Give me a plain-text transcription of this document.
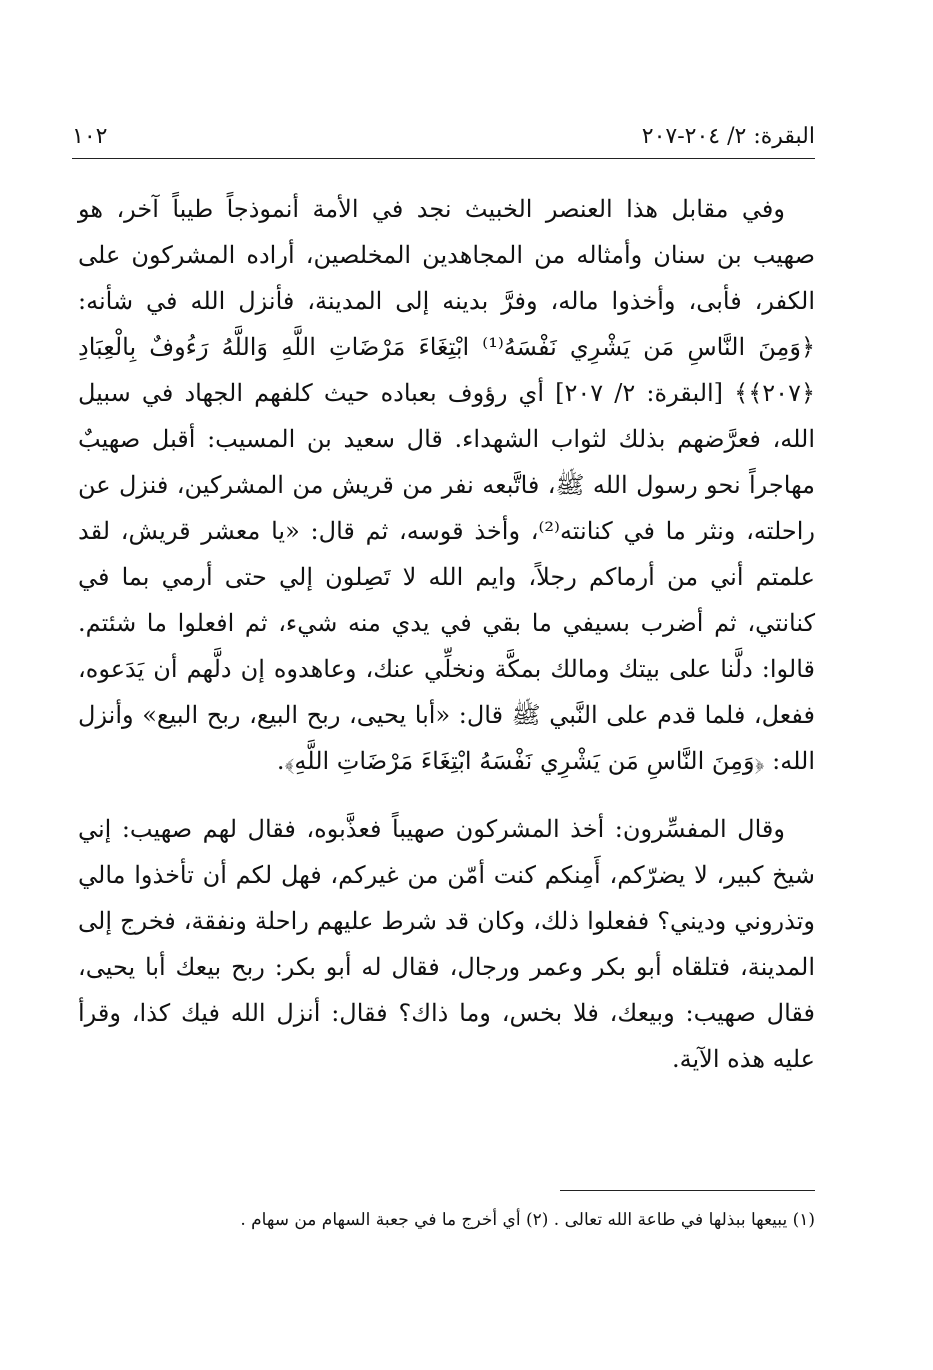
البقرة: ٢/ ٢٠٤-٢٠٧
١٠٢

وفي مقابل هذا العنصر الخبيث نجد في الأمة أنموذجاً طيباً آخر، هو صهيب بن سنان وأمثاله من المجاهدين المخلصين، أراده المشركون على الكفر، فأبى، وأخذوا ماله، وفرَّ بدينه إلى المدينة، فأنزل الله في شأنه: ﴿وَمِنَ النَّاسِ مَن يَشْرِي نَفْسَهُ⁽¹⁾ ابْتِغَاءَ مَرْضَاتِ اللَّهِ وَاللَّهُ رَءُوفٌ بِالْعِبَادِ ﴿٢٠٧﴾﴾ [البقرة: ٢/ ٢٠٧] أي رؤوف بعباده حيث كلفهم الجهاد في سبيل الله، فعرَّضهم بذلك لثواب الشهداء. قال سعيد بن المسيب: أقبل صهيبٌ مهاجراً نحو رسول الله ﷺ، فاتَّبعه نفر من قريش من المشركين، فنزل عن راحلته، ونثر ما في كنانته⁽²⁾، وأخذ قوسه، ثم قال: «يا معشر قريش، لقد علمتم أني من أرماكم رجلاً، وايم الله لا تَصِلون إلي حتى أرمي بما في كنانتي، ثم أضرب بسيفي ما بقي في يدي منه شيء، ثم افعلوا ما شئتم. قالوا: دلَّنا على بيتك ومالك بمكَّة ونخلِّي عنك، وعاهدوه إن دلَّهم أن يَدَعوه، ففعل، فلما قدم على النَّبي ﷺ قال: «أبا يحيى، ربح البيع، ربح البيع» وأنزل الله: ﴿وَمِنَ النَّاسِ مَن يَشْرِي نَفْسَهُ ابْتِغَاءَ مَرْضَاتِ اللَّهِ﴾.

وقال المفسِّرون: أخذ المشركون صهيباً فعذَّبوه، فقال لهم صهيب: إني شيخ كبير، لا يضرّكم، أَمِنكم كنت أمّن من غيركم، فهل لكم أن تأخذوا مالي وتذروني وديني؟ ففعلوا ذلك، وكان قد شرط عليهم راحلة ونفقة، فخرج إلى المدينة، فتلقاه أبو بكر وعمر ورجال، فقال له أبو بكر: ربح بيعك أبا يحيى، فقال صهيب: وبيعك، فلا بخس، وما ذاك؟ فقال: أنزل الله فيك كذا، وقرأ عليه هذه الآية.

(١) يبيعها ببذلها في طاعة الله تعالى . (٢) أي أخرج ما في جعبة السهام من سهام .
